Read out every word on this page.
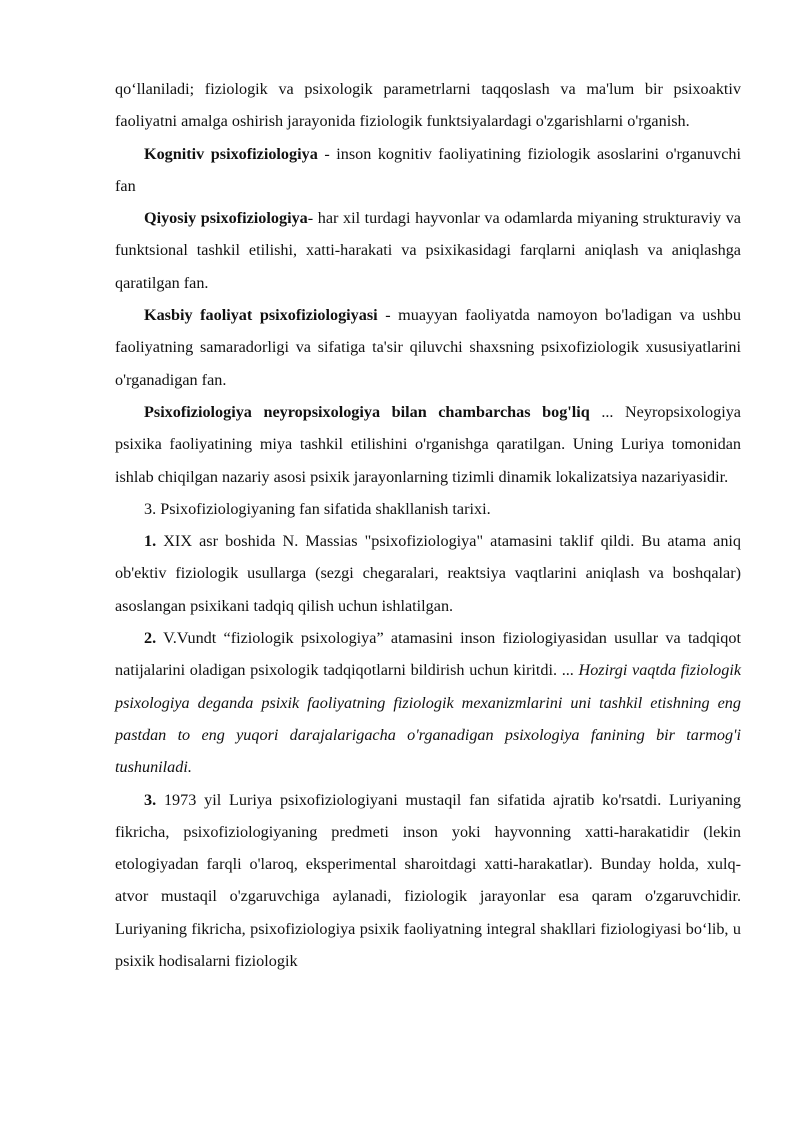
qo‘llaniladi; fiziologik va psixologik parametrlarni taqqoslash va ma'lum bir psixoaktiv faoliyatni amalga oshirish jarayonida fiziologik funktsiyalardagi o'zgarishlarni o'rganish.

Kognitiv psixofiziologiya - inson kognitiv faoliyatining fiziologik asoslarini o'rganuvchi fan

Qiyosiy psixofiziologiya- har xil turdagi hayvonlar va odamlarda miyaning strukturaviy va funktsional tashkil etilishi, xatti-harakati va psixikasidagi farqlarni aniqlash va aniqlashga qaratilgan fan.

Kasbiy faoliyat psixofiziologiyasi - muayyan faoliyatda namoyon bo'ladigan va ushbu faoliyatning samaradorligi va sifatiga ta'sir qiluvchi shaxsning psixofiziologik xususiyatlarini o'rganadigan fan.

Psixofiziologiya neyropsixologiya bilan chambarchas bog'liq ... Neyropsixologiya psixika faoliyatining miya tashkil etilishini o'rganishga qaratilgan. Uning Luriya tomonidan ishlab chiqilgan nazariy asosi psixik jarayonlarning tizimli dinamik lokalizatsiya nazariyasidir.

3. Psixofiziologiyaning fan sifatida shakllanish tarixi.

1. XIX asr boshida N. Massias "psixofiziologiya" atamasini taklif qildi. Bu atama aniq ob'ektiv fiziologik usullarga (sezgi chegaralari, reaktsiya vaqtlarini aniqlash va boshqalar) asoslangan psixikani tadqiq qilish uchun ishlatilgan.

2. V.Vundt “fiziologik psixologiya” atamasini inson fiziologiyasidan usullar va tadqiqot natijalarini oladigan psixologik tadqiqotlarni bildirish uchun kiritdi. ... Hozirgi vaqtda fiziologik psixologiya deganda psixik faoliyatning fiziologik mexanizmlarini uni tashkil etishning eng pastdan to eng yuqori darajalarigacha o'rganadigan psixologiya fanining bir tarmog'i tushuniladi.

3. 1973 yil Luriya psixofiziologiyani mustaqil fan sifatida ajratib ko'rsatdi. Luriyaning fikricha, psixofiziologiyaning predmeti inson yoki hayvonning xatti-harakatidir (lekin etologiyadan farqli o'laroq, eksperimental sharoitdagi xatti-harakatlar). Bunday holda, xulq-atvor mustaqil o'zgaruvchiga aylanadi, fiziologik jarayonlar esa qaram o'zgaruvchidir. Luriyaning fikricha, psixofiziologiya psixik faoliyatning integral shakllari fiziologiyasi bo‘lib, u psixik hodisalarni fiziologik
